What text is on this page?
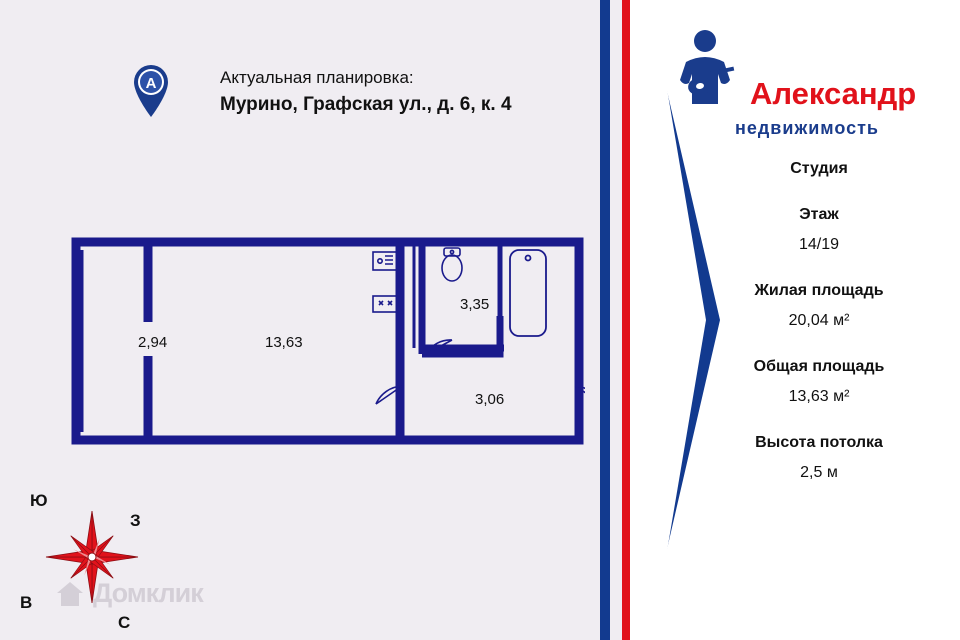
Александр
недвижимость

Студия

Этаж

14/19

Жилая площадь

20,04 м²

Общая площадь

13,63 м²

Высота потолка

2,5 м

А	Актуальная планировка:
Мурино, Графская ул., д. 6, к. 4
2,94	13,63
3,35
3,06
Ю
З
В
С
Домклик
